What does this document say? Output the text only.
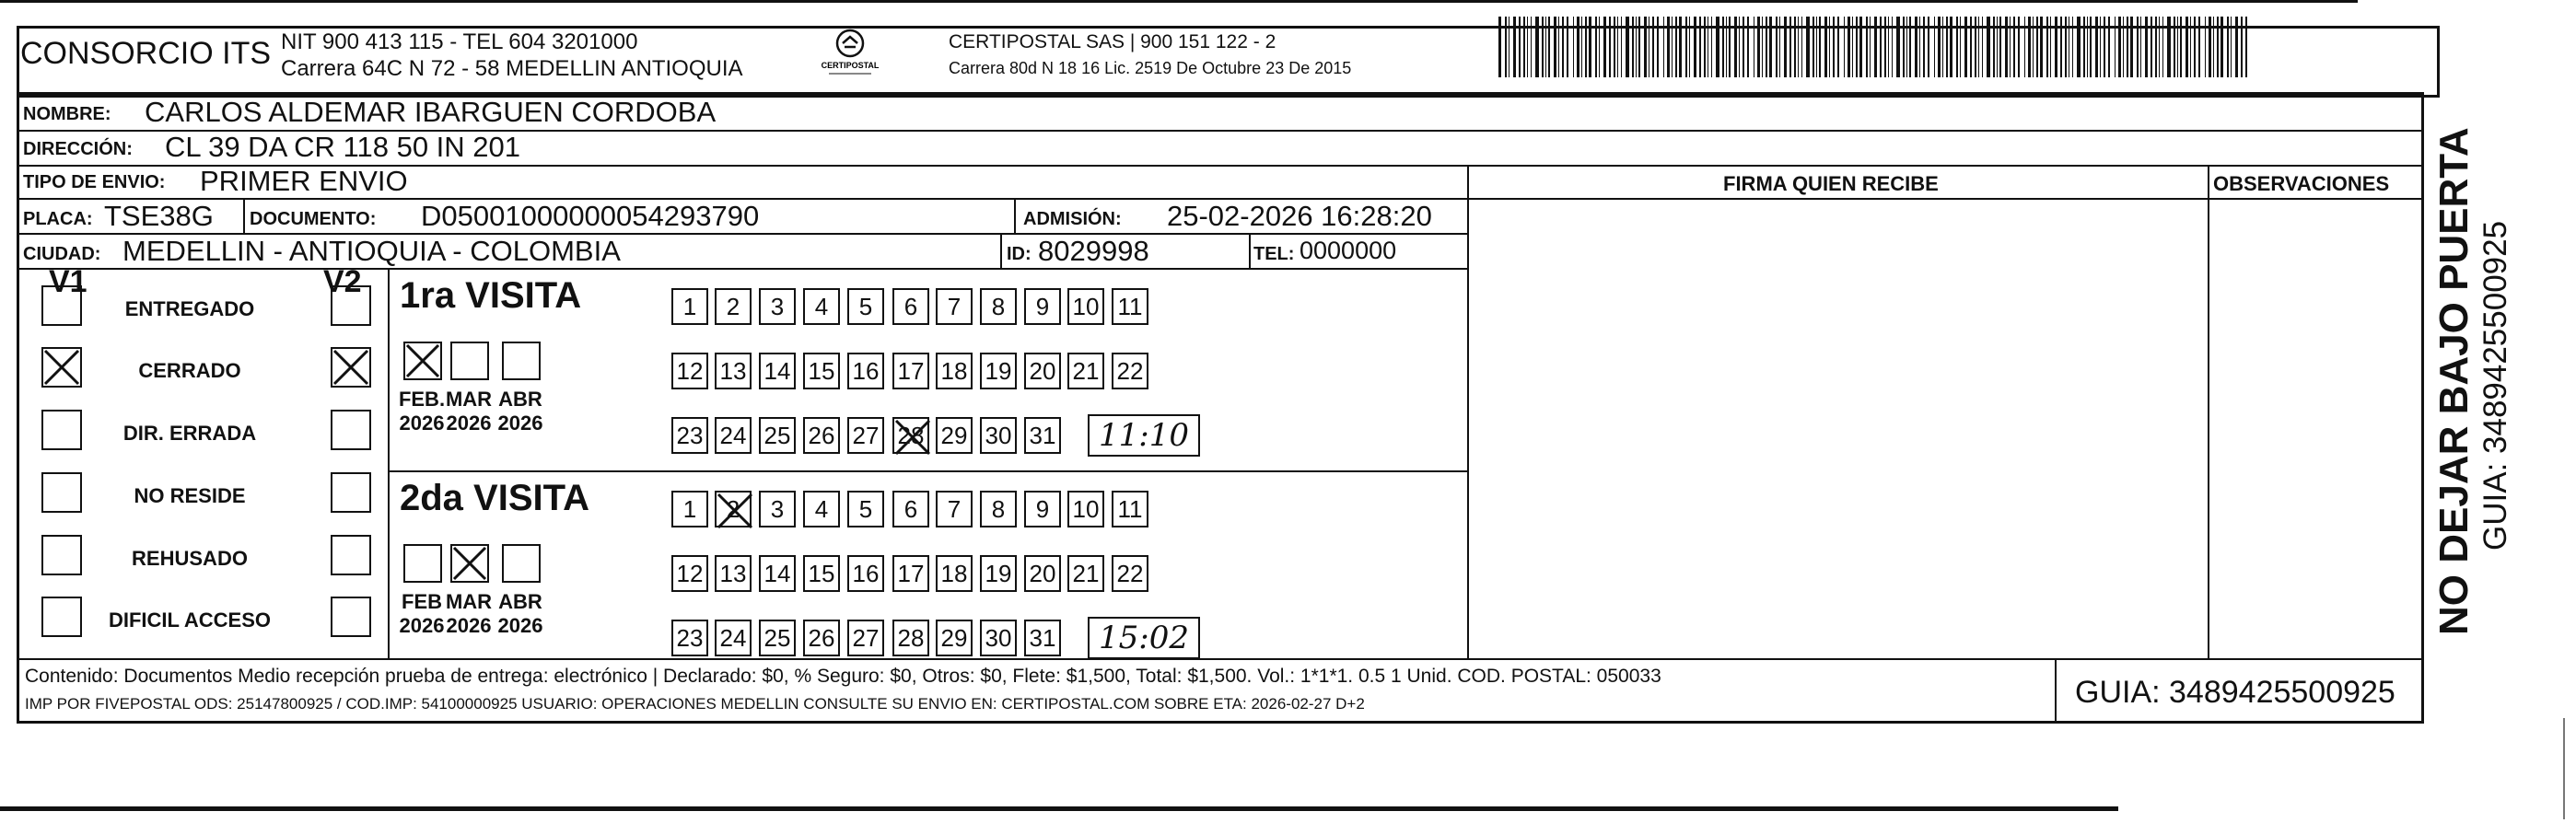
CONSORCIO ITS NIT 900 413 115 - TEL 604 3201000
Carrera 64C N 72 - 58 MEDELLIN ANTIOQUIA	CERTIPOSTAL
CERTIPOSTAL SAS | 900 151 122 - 2
Carrera 80d N 18 16 Lic. 2519 De Octubre 23 De 2015
NOMBRE: CARLOS ALDEMAR IBARGUEN CORDOBA
DIRECCIÓN: CL 39 DA CR 118 50 IN 201
TIPO DE ENVIO: PRIMER ENVIO	FIRMA QUIEN RECIBE	OBSERVACIONES
PLACA: TSE38G DOCUMENTO: D05001000000054293790	ADMISIÓN: 25-02-2026 16:28:20
CIUDAD: MEDELLIN - ANTIOQUIA - COLOMBIA	ID: 8029998	TEL: 0000000
V1	V2
ENTREGADO
CERRADO
DIR. ERRADA
NO RESIDE
REHUSADO
DIFICIL ACCESO
1ra VISITA
FEB.
2026
MAR
2026
ABR
2026
1 2 3 4 5 6 7 8 9 10 11
12 13 14 15 16 17 18 19 20 21 22
23 24 25 26 27 28 29 30 31	11:10
2da VISITA
FEB
2026
MAR
2026
ABR
2026
1 2 3 4 5 6 7 8 9 10 11
12 13 14 15 16 17 18 19 20 21 22
23 24 25 26 27 28 29 30 31	15:02
Contenido: Documentos Medio recepción prueba de entrega: electrónico | Declarado: $0, % Seguro: $0, Otros: $0, Flete: $1,500, Total: $1,500. Vol.: 1*1*1. 0.5 1 Unid. COD. POSTAL: 050033
IMP POR FIVEPOSTAL ODS: 25147800925 / COD.IMP: 54100000925 USUARIO: OPERACIONES MEDELLIN CONSULTE SU ENVIO EN: CERTIPOSTAL.COM SOBRE ETA: 2026-02-27 D+2	GUIA: 3489425500925
NO DEJAR BAJO PUERTA GUIA: 3489425500925
